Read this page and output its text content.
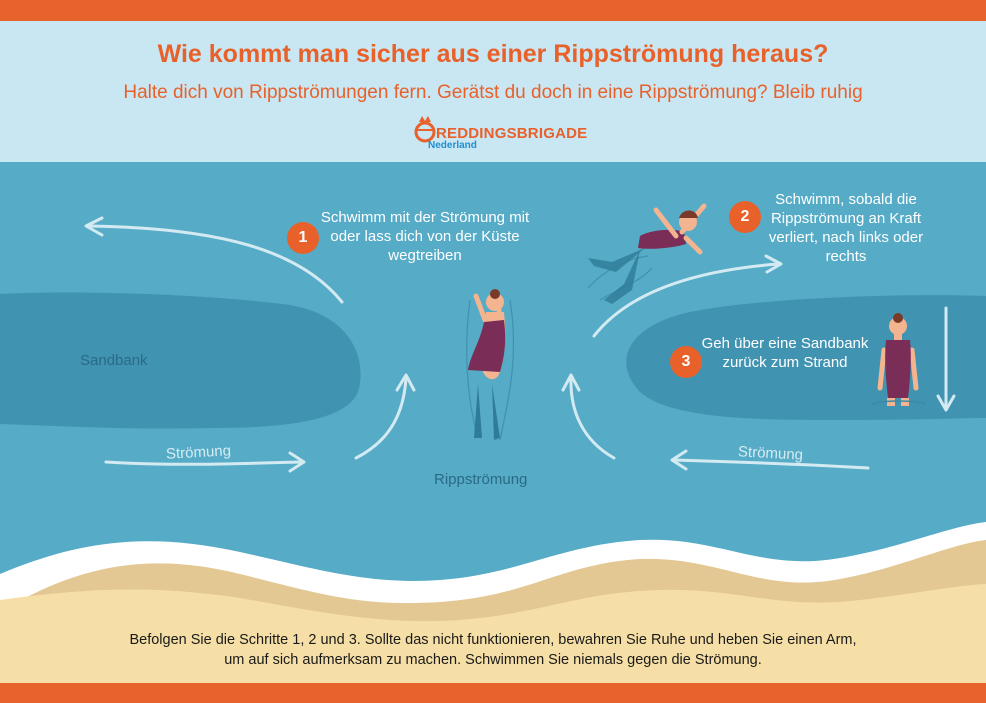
Wie kommt man sicher aus einer Rippströmung heraus?
Halte dich von Rippströmungen fern. Gerätst du doch in eine Rippströmung? Bleib ruhig
REDDINGSBRIGADE
Nederland
1
Schwimm mit der Strömung mit oder lass dich von der Küste wegtreiben
2
Schwimm, sobald die Rippströmung an Kraft verliert, nach links oder rechts
3
Geh über eine Sandbank zurück zum Strand
Sandbank
Strömung	Strömung
Rippströmung
Befolgen Sie die Schritte 1, 2 und 3. Sollte das nicht funktionieren, bewahren Sie Ruhe und heben Sie einen Arm, um auf sich aufmerksam zu machen. Schwimmen Sie niemals gegen die Strömung.
